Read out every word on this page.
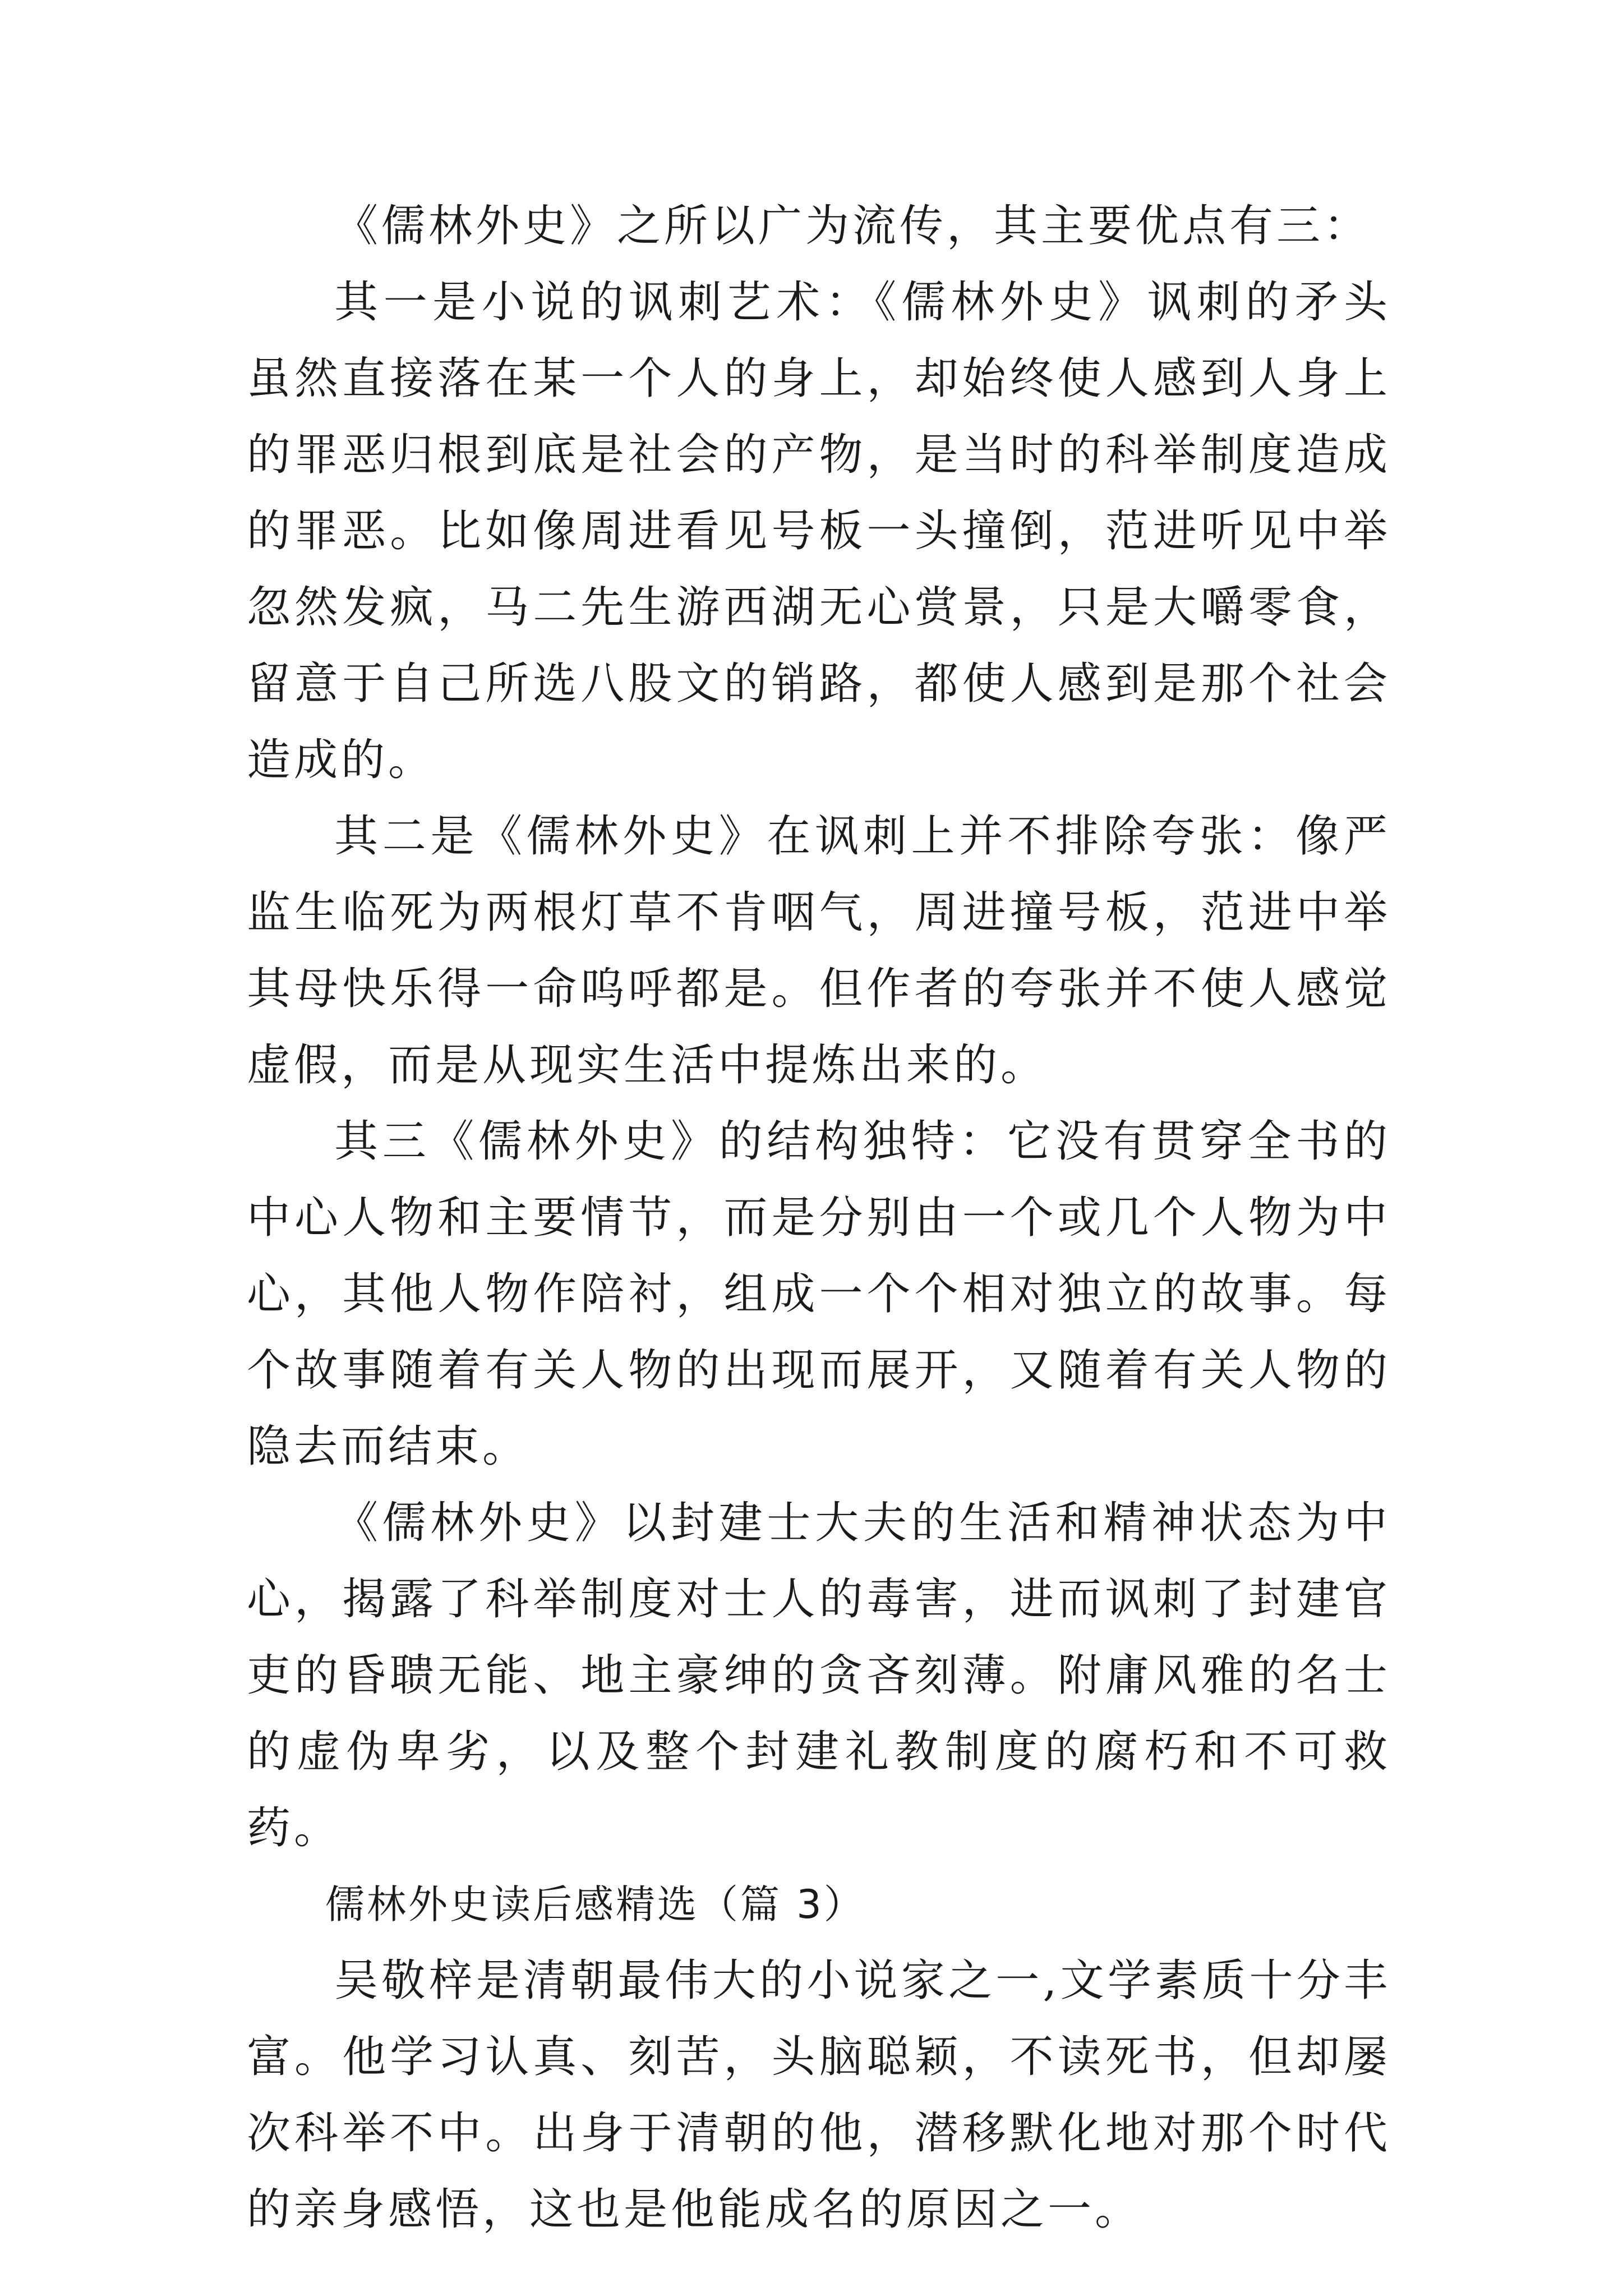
《儒林外史》之所以广为流传，其主要优点有三：

其一是小说的讽刺艺术：《儒林外史》讽刺的矛头虽然直接落在某一个人的身上，却始终使人感到人身上的罪恶归根到底是社会的产物，是当时的科举制度造成的罪恶。比如像周进看见号板一头撞倒，范进听见中举忽然发疯，马二先生游西湖无心赏景，只是大嚼零食，留意于自己所选八股文的销路，都使人感到是那个社会造成的。

其二是《儒林外史》在讽刺上并不排除夸张：像严监生临死为两根灯草不肯咽气，周进撞号板，范进中举其母快乐得一命呜呼都是。但作者的夸张并不使人感觉虚假，而是从现实生活中提炼出来的。

其三《儒林外史》的结构独特：它没有贯穿全书的中心人物和主要情节，而是分别由一个或几个人物为中心，其他人物作陪衬，组成一个个相对独立的故事。每个故事随着有关人物的出现而展开，又随着有关人物的隐去而结束。

《儒林外史》以封建士大夫的生活和精神状态为中心，揭露了科举制度对士人的毒害，进而讽刺了封建官吏的昏聩无能、地主豪绅的贪吝刻薄。附庸风雅的名士的虚伪卑劣，以及整个封建礼教制度的腐朽和不可救药。

儒林外史读后感精选（篇 3）

吴敬梓是清朝最伟大的小说家之一,文学素质十分丰富。他学习认真、刻苦，头脑聪颖，不读死书，但却屡次科举不中。出身于清朝的他，潜移默化地对那个时代的亲身感悟，这也是他能成名的原因之一。
